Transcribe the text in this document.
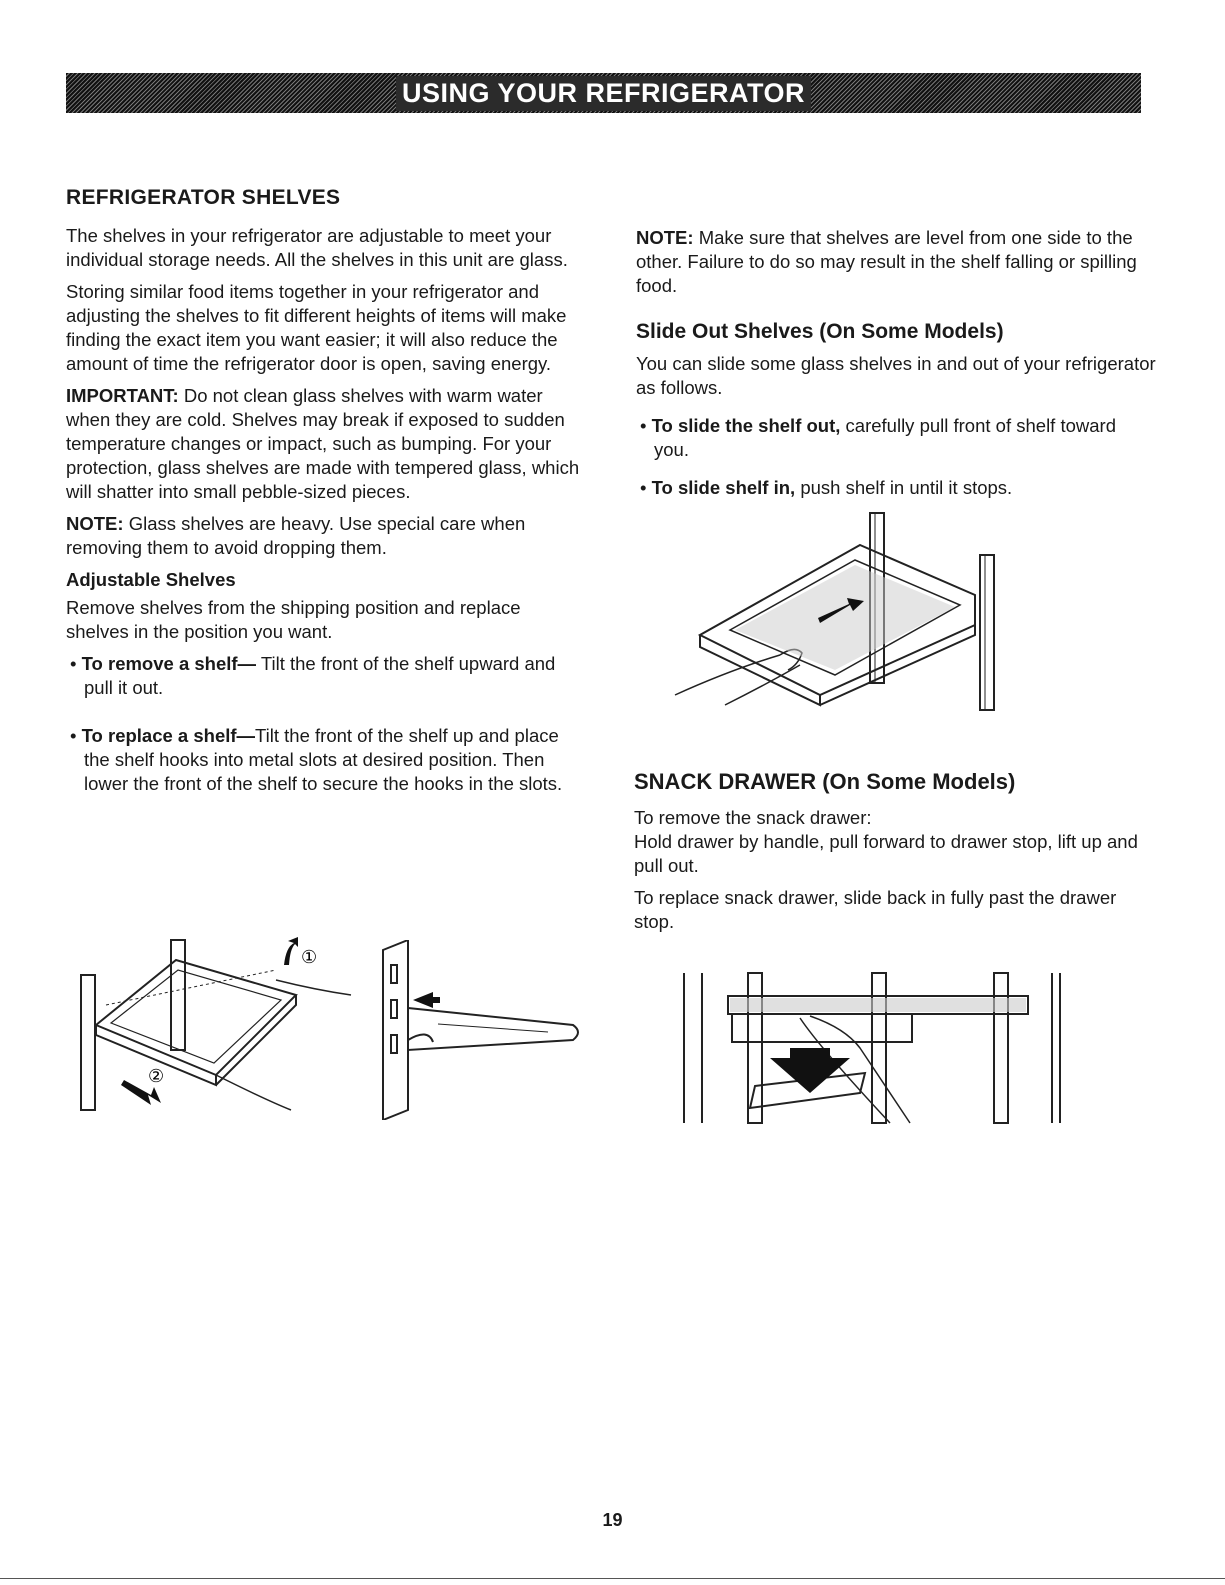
USING YOUR REFRIGERATOR
REFRIGERATOR SHELVES

The shelves in your refrigerator are adjustable to meet your individual storage needs. All the shelves in this unit are glass.

Storing similar food items together in your refrigerator and adjusting the shelves to fit different heights of items will make finding the exact item you want easier; it will also reduce the amount of time the refrigerator door is open, saving energy.

IMPORTANT: Do not clean glass shelves with warm water when they are cold. Shelves may break if exposed to sudden temperature changes or impact, such as bumping. For your protection, glass shelves are made with tempered glass, which will shatter into small pebble-sized pieces.

NOTE: Glass shelves are heavy. Use special care when removing them to avoid dropping them.

Adjustable Shelves

Remove shelves from the shipping position and replace shelves in the position you want.

• To remove a shelf— Tilt the front of the shelf upward and pull it out.

• To replace a shelf—Tilt the front of the shelf up and place the shelf hooks into metal slots at desired position. Then lower the front of the shelf to secure the hooks in the slots.

NOTE: Make sure that shelves are level from one side to the other. Failure to do so may result in the shelf falling or spilling food.

Slide Out Shelves (On Some Models)

You can slide some glass shelves in and out of your refrigerator as follows.

• To slide the shelf out, carefully pull front of shelf toward you.

• To slide shelf in, push shelf in until it stops.

SNACK DRAWER (On Some Models)

To remove the snack drawer:

Hold drawer by handle, pull forward to drawer stop, lift up and pull out.

To replace snack drawer, slide back in fully past the drawer stop.

②
①
19
